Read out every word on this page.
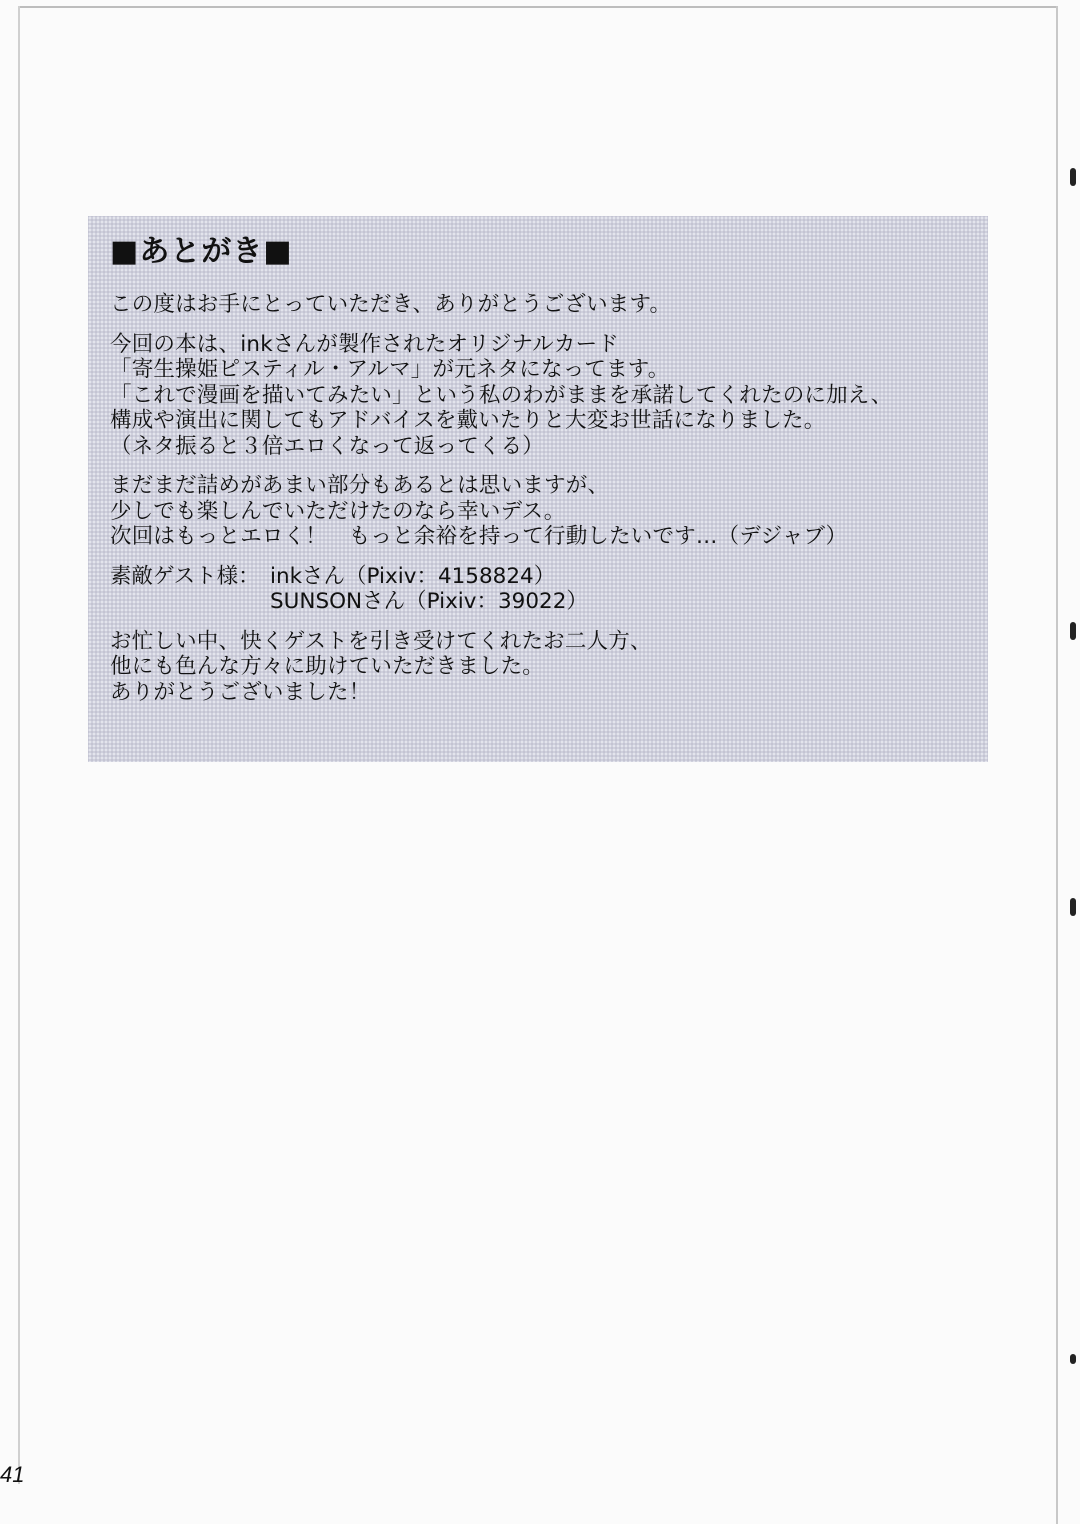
■あとがき■
この度はお手にとっていただき、ありがとうございます。
今回の本は、inkさんが製作されたオリジナルカード
「寄生操姫ピスティル・アルマ」が元ネタになってます。
「これで漫画を描いてみたい」という私のわがままを承諾してくれたのに加え、
構成や演出に関してもアドバイスを戴いたりと大変お世話になりました。
（ネタ振ると３倍エロくなって返ってくる）
まだまだ詰めがあまい部分もあるとは思いますが、
少しでも楽しんでいただけたのなら幸いデス。
次回はもっとエロく！　もっと余裕を持って行動したいです…（デジャブ）
素敵ゲスト様： inkさん（Pixiv：4158824）
SUNSONさん（Pixiv：39022）
お忙しい中、快くゲストを引き受けてくれたお二人方、
他にも色んな方々に助けていただきました。
ありがとうございました！
41
